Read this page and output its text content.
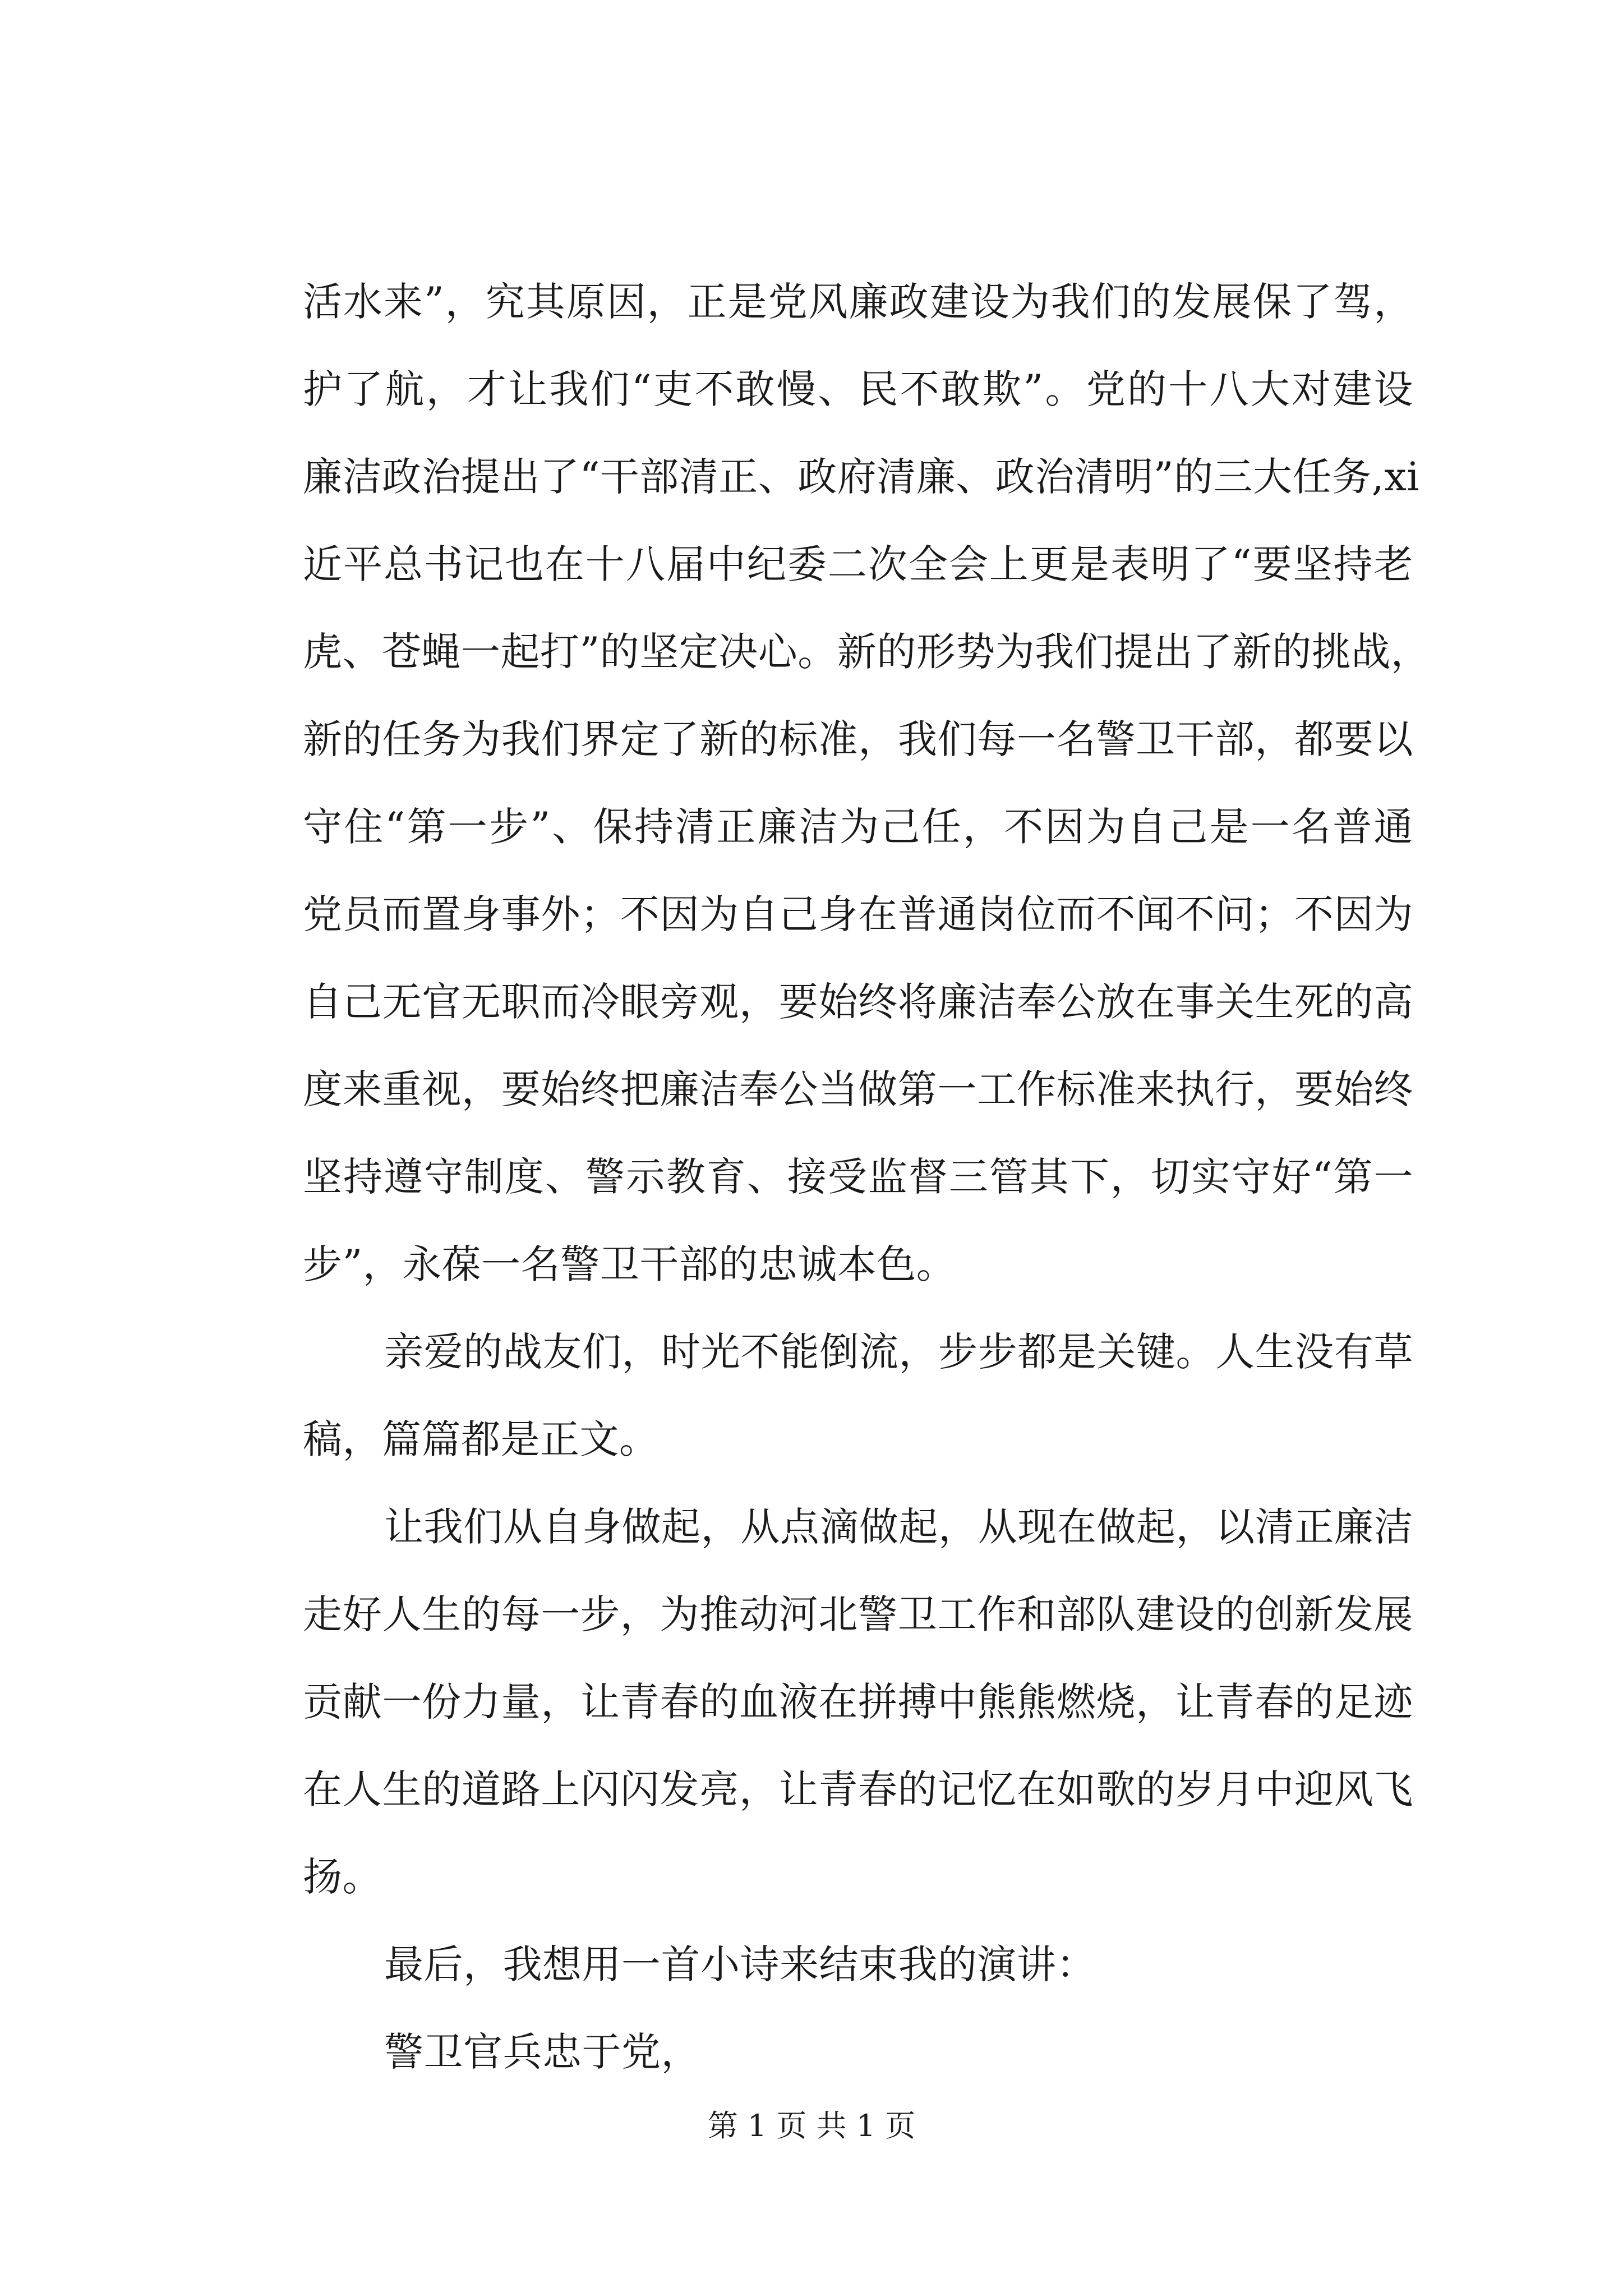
活水来”，究其原因，正是党风廉政建设为我们的发展保了驾，
护了航，才让我们“吏不敢慢、民不敢欺”。党的十八大对建设
廉洁政治提出了“干部清正、政府清廉、政治清明”的三大任务,xi
近平总书记也在十八届中纪委二次全会上更是表明了“要坚持老
虎、苍蝇一起打”的坚定决心。新的形势为我们提出了新的挑战，
新的任务为我们界定了新的标准，我们每一名警卫干部，都要以
守住“第一步”、保持清正廉洁为己任，不因为自己是一名普通
党员而置身事外；不因为自己身在普通岗位而不闻不问；不因为
自己无官无职而冷眼旁观，要始终将廉洁奉公放在事关生死的高
度来重视，要始终把廉洁奉公当做第一工作标准来执行，要始终
坚持遵守制度、警示教育、接受监督三管其下，切实守好“第一
步”，永葆一名警卫干部的忠诚本色。
亲爱的战友们，时光不能倒流，步步都是关键。人生没有草
稿，篇篇都是正文。
让我们从自身做起，从点滴做起，从现在做起，以清正廉洁
走好人生的每一步，为推动河北警卫工作和部队建设的创新发展
贡献一份力量，让青春的血液在拼搏中熊熊燃烧，让青春的足迹
在人生的道路上闪闪发亮，让青春的记忆在如歌的岁月中迎风飞
扬。
最后，我想用一首小诗来结束我的演讲：
警卫官兵忠于党，
第 1 页 共 1 页
